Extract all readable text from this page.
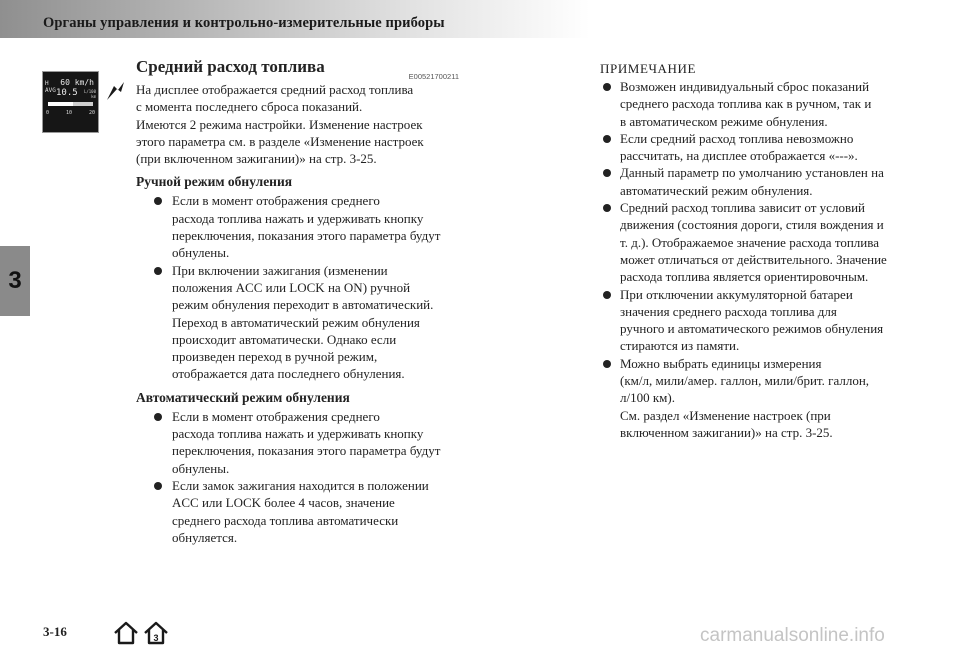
Органы управления и контрольно-измерительные приборы
3
Н
AVG
60 km/h
10.5 L/100
km
0	10	20
Средний расход топлива
E00521700211

На дисплее отображается средний расход топлива
с момента последнего сброса показаний.
Имеются 2 режима настройки. Изменение настроек
этого параметра см. в разделе «Изменение настроек
(при включенном зажигании)» на стр. 3-25.

Ручной режим обнуления
Если в момент отображения среднего
расхода топлива нажать и удерживать кнопку
переключения, показания этого параметра будут
обнулены.
При включении зажигания (изменении
положения ACC или LOCK на ON) ручной
режим обнуления переходит в автоматический.
Переход в автоматический режим обнуления
происходит автоматически. Однако если
произведен переход в ручной режим,
отображается дата последнего обнуления.
Автоматический режим обнуления
Если в момент отображения среднего
расхода топлива нажать и удерживать кнопку
переключения, показания этого параметра будут
обнулены.
Если замок зажигания находится в положении
ACC или LOCK более 4 часов, значение
среднего расхода топлива автоматически
обнуляется.
ПРИМЕЧАНИЕ
Возможен индивидуальный сброс показаний
среднего расхода топлива как в ручном, так и
в автоматическом режиме обнуления.
Если средний расход топлива невозможно
рассчитать, на дисплее отображается «---».
Данный параметр по умолчанию установлен на
автоматический режим обнуления.
Средний расход топлива зависит от условий
движения (состояния дороги, стиля вождения и
т. д.). Отображаемое значение расхода топлива
может отличаться от действительного. Значение
расхода топлива является ориентировочным.
При отключении аккумуляторной батареи
значения среднего расхода топлива для
ручного и автоматического режимов обнуления
стираются из памяти.
Можно выбрать единицы измерения
(км/л, мили/амер. галлон, мили/брит. галлон,
л/100 км).
См. раздел «Изменение настроек (при
включенном зажигании)» на стр. 3-25.
3-16	3	carmanualsonline.info
